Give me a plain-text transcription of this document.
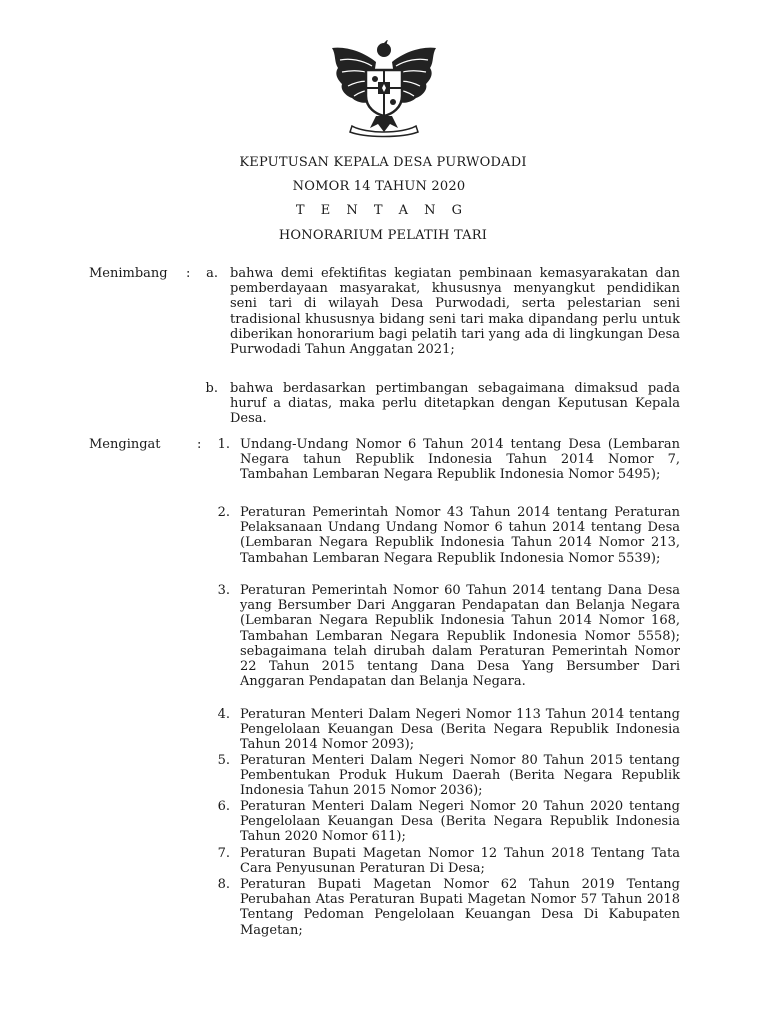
KEPUTUSAN KEPALA DESA PURWODADI
NOMOR 14 TAHUN 2020
T E N T A N G
HONORARIUM PELATIH TARI
Menimbang :	a. bahwa demi efektifitas kegiatan pembinaan kemasyarakatan dan pemberdayaan masyarakat, khususnya menyangkut pendidikan seni tari di wilayah Desa Purwodadi, serta pelestarian seni tradisional khususnya bidang seni tari maka dipandang perlu untuk diberikan honorarium bagi pelatih tari yang ada di lingkungan Desa Purwodadi Tahun Anggatan 2021;

b. bahwa berdasarkan pertimbangan sebagaimana dimaksud pada huruf a diatas, maka perlu ditetapkan dengan Keputusan Kepala Desa.

Mengingat	:	1. Undang-Undang Nomor 6 Tahun 2014 tentang Desa (Lembaran Negara tahun Republik Indonesia Tahun 2014 Nomor 7, Tambahan Lembaran Negara Republik Indonesia Nomor 5495);

2. Peraturan Pemerintah Nomor 43 Tahun 2014 tentang Peraturan Pelaksanaan Undang Undang Nomor 6 tahun 2014 tentang Desa (Lembaran Negara Republik Indonesia Tahun 2014 Nomor 213, Tambahan Lembaran Negara Republik Indonesia Nomor 5539);

3. Peraturan Pemerintah Nomor 60 Tahun 2014 tentang Dana Desa yang Bersumber Dari Anggaran Pendapatan dan Belanja Negara (Lembaran Negara Republik Indonesia Tahun 2014 Nomor 168, Tambahan Lembaran Negara Republik Indonesia Nomor 5558); sebagaimana telah dirubah dalam Peraturan Pemerintah Nomor 22 Tahun 2015 tentang Dana Desa Yang Bersumber Dari Anggaran Pendapatan dan Belanja Negara.

4. Peraturan Menteri Dalam Negeri Nomor 113 Tahun 2014 tentang Pengelolaan Keuangan Desa (Berita Negara Republik Indonesia Tahun 2014 Nomor 2093);

5. Peraturan Menteri Dalam Negeri Nomor 80 Tahun 2015 tentang Pembentukan Produk Hukum Daerah (Berita Negara Republik Indonesia Tahun 2015 Nomor 2036);

6. Peraturan Menteri Dalam Negeri Nomor 20 Tahun 2020 tentang Pengelolaan Keuangan Desa (Berita Negara Republik Indonesia Tahun 2020 Nomor 611);

7. Peraturan Bupati Magetan Nomor 12 Tahun 2018 Tentang Tata Cara Penyusunan Peraturan Di Desa;

8. Peraturan Bupati Magetan Nomor 62 Tahun 2019 Tentang Perubahan Atas Peraturan Bupati Magetan Nomor 57 Tahun 2018 Tentang Pedoman Pengelolaan Keuangan Desa Di Kabupaten Magetan;
